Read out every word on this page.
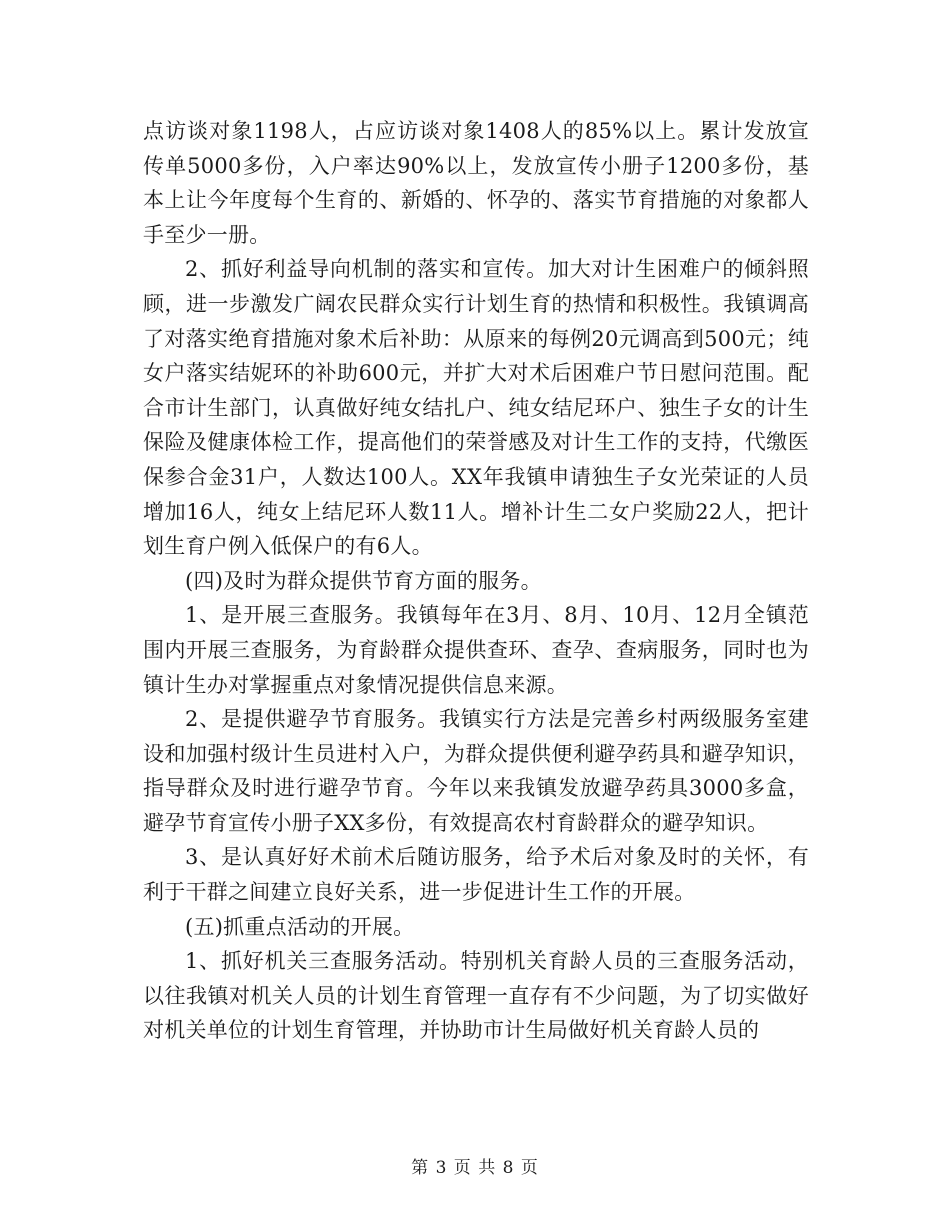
点访谈对象1198人，占应访谈对象1408人的85%以上。累计发放宣传单5000多份，入户率达90%以上，发放宣传小册子1200多份，基本上让今年度每个生育的、新婚的、怀孕的、落实节育措施的对象都人手至少一册。

2、抓好利益导向机制的落实和宣传。加大对计生困难户的倾斜照顾，进一步激发广阔农民群众实行计划生育的热情和积极性。我镇调高了对落实绝育措施对象术后补助：从原来的每例20元调高到500元；纯女户落实结妮环的补助600元，并扩大对术后困难户节日慰问范围。配合市计生部门，认真做好纯女结扎户、纯女结尼环户、独生子女的计生保险及健康体检工作，提高他们的荣誉感及对计生工作的支持，代缴医保参合金31户，人数达100人。XX年我镇申请独生子女光荣证的人员增加16人，纯女上结尼环人数11人。增补计生二女户奖励22人，把计划生育户例入低保户的有6人。

(四)及时为群众提供节育方面的服务。

1、是开展三查服务。我镇每年在3月、8月、10月、12月全镇范围内开展三查服务，为育龄群众提供查环、查孕、查病服务，同时也为镇计生办对掌握重点对象情况提供信息来源。

2、是提供避孕节育服务。我镇实行方法是完善乡村两级服务室建设和加强村级计生员进村入户，为群众提供便利避孕药具和避孕知识，指导群众及时进行避孕节育。今年以来我镇发放避孕药具3000多盒，避孕节育宣传小册子XX多份，有效提高农村育龄群众的避孕知识。

3、是认真好好术前术后随访服务，给予术后对象及时的关怀，有利于干群之间建立良好关系，进一步促进计生工作的开展。

(五)抓重点活动的开展。

1、抓好机关三查服务活动。特别机关育龄人员的三查服务活动，以往我镇对机关人员的计划生育管理一直存有不少问题，为了切实做好对机关单位的计划生育管理，并协助市计生局做好机关育龄人员的

第 3 页 共 8 页
